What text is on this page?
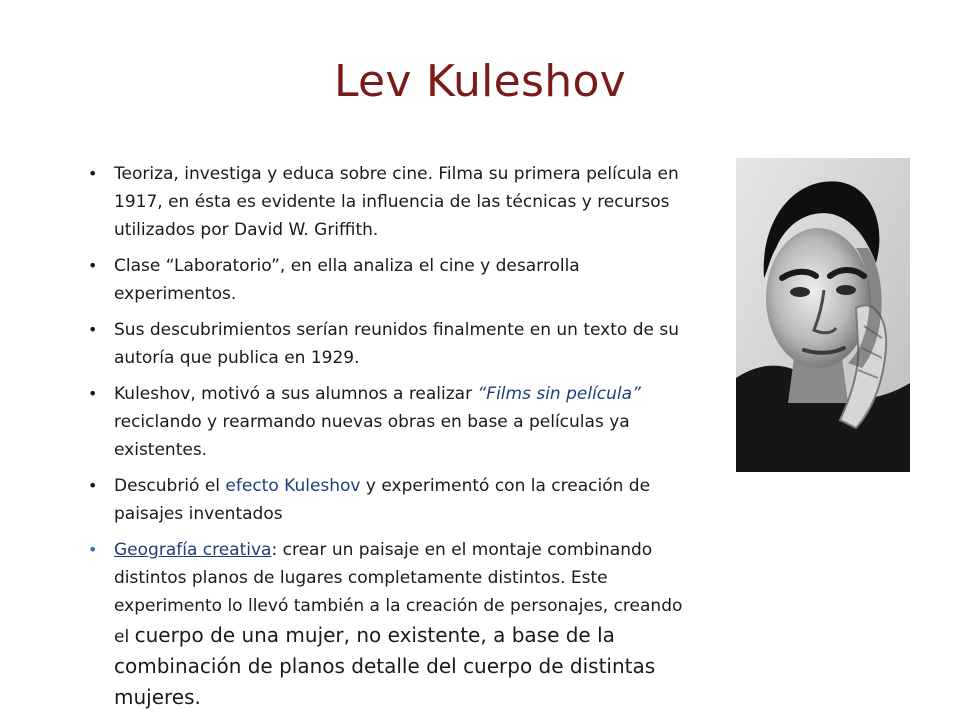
Lev Kuleshov
• Teoriza, investiga y educa sobre cine. Filma su primera película en 1917, en ésta es evidente la influencia de las técnicas y recursos utilizados por David W. Griffith.
• Clase “Laboratorio”, en ella analiza el cine y desarrolla experimentos.
• Sus descubrimientos serían reunidos finalmente en un texto de su autoría que publica en 1929.
• Kuleshov, motivó a sus alumnos a realizar “Films sin película” reciclando y rearmando nuevas obras en base a películas ya existentes.
• Descubrió el efecto Kuleshov y experimentó con la creación de paisajes inventados
• Geografía creativa: crear un paisaje en el montaje combinando distintos planos de lugares completamente distintos. Este experimento lo llevó también a la creación de personajes, creando el cuerpo de una mujer, no existente, a base de la combinación de planos detalle del cuerpo de distintas mujeres.
